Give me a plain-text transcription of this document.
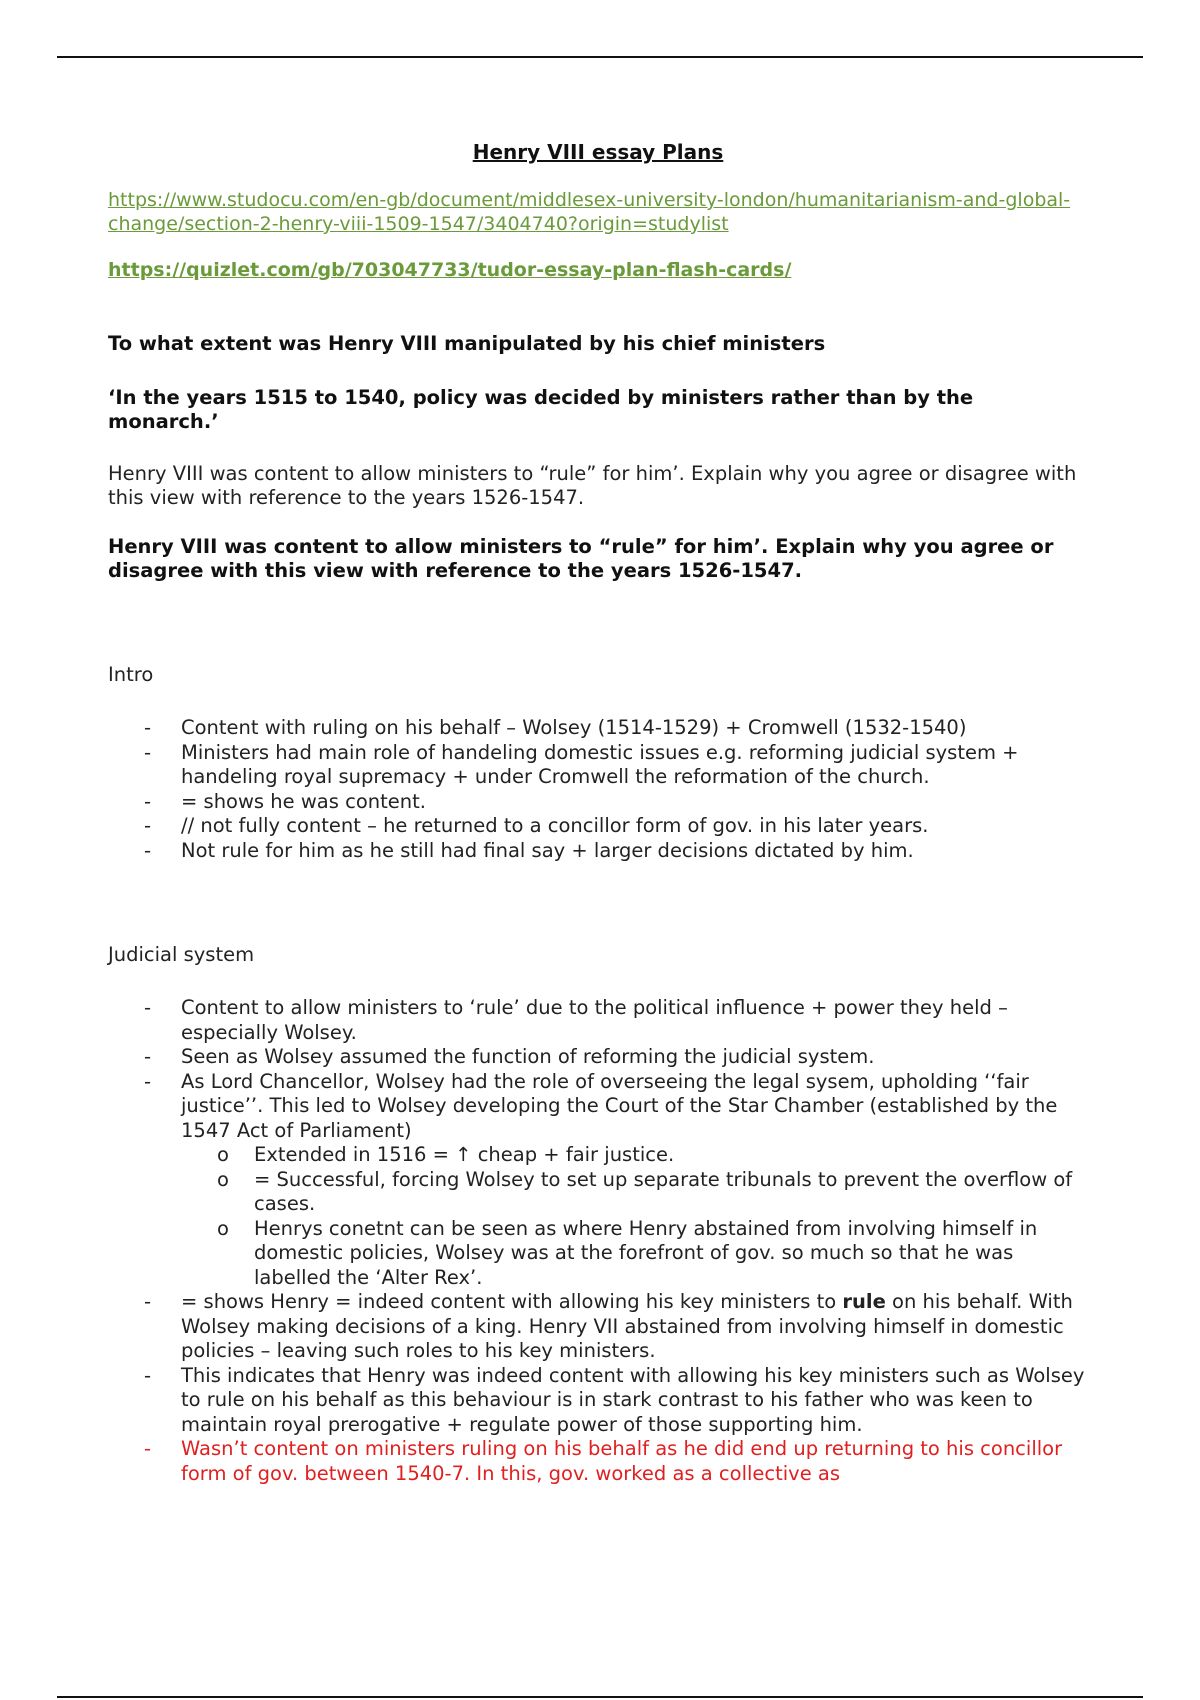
Henry VIII essay Plans
https://www.studocu.com/en-gb/document/middlesex-university-london/humanitarianism-and-global-change/section-2-henry-viii-1509-1547/3404740?origin=studylist
https://quizlet.com/gb/703047733/tudor-essay-plan-flash-cards/
To what extent was Henry VIII manipulated by his chief ministers
‘In the years 1515 to 1540, policy was decided by ministers rather than by the monarch.’
Henry VIII was content to allow ministers to “rule” for him’. Explain why you agree or disagree with this view with reference to the years 1526-1547.
Henry VIII was content to allow ministers to “rule” for him’. Explain why you agree or
disagree with this view with reference to the years 1526-1547.
Intro
- Content with ruling on his behalf – Wolsey (1514-1529) + Cromwell (1532-1540)
- Ministers had main role of handeling domestic issues e.g. reforming judicial system + handeling royal supremacy + under Cromwell the reformation of the church.
- = shows he was content.
- // not fully content – he returned to a concillor form of gov. in his later years.
- Not rule for him as he still had final say + larger decisions dictated by him.
Judicial system
- Content to allow ministers to ‘rule’ due to the political influence + power they held – especially Wolsey.
- Seen as Wolsey assumed the function of reforming the judicial system.
- As Lord Chancellor, Wolsey had the role of overseeing the legal sysem, upholding ‘‘fair justice’’. This led to Wolsey developing the Court of the Star Chamber (established by the 1547 Act of Parliament)
o Extended in 1516 = ↑ cheap + fair justice.
o = Successful, forcing Wolsey to set up separate tribunals to prevent the overflow of cases.
o Henrys conetnt can be seen as where Henry abstained from involving himself in domestic policies, Wolsey was at the forefront of gov. so much so that he was labelled the ‘Alter Rex’.
- = shows Henry = indeed content with allowing his key ministers to rule on his behalf. With Wolsey making decisions of a king. Henry VII abstained from involving himself in domestic policies – leaving such roles to his key ministers.
- This indicates that Henry was indeed content with allowing his key ministers such as Wolsey to rule on his behalf as this behaviour is in stark contrast to his father who was keen to maintain royal prerogative + regulate power of those supporting him.
- Wasn’t content on ministers ruling on his behalf as he did end up returning to his concillor form of gov. between 1540-7. In this, gov. worked as a collective as
